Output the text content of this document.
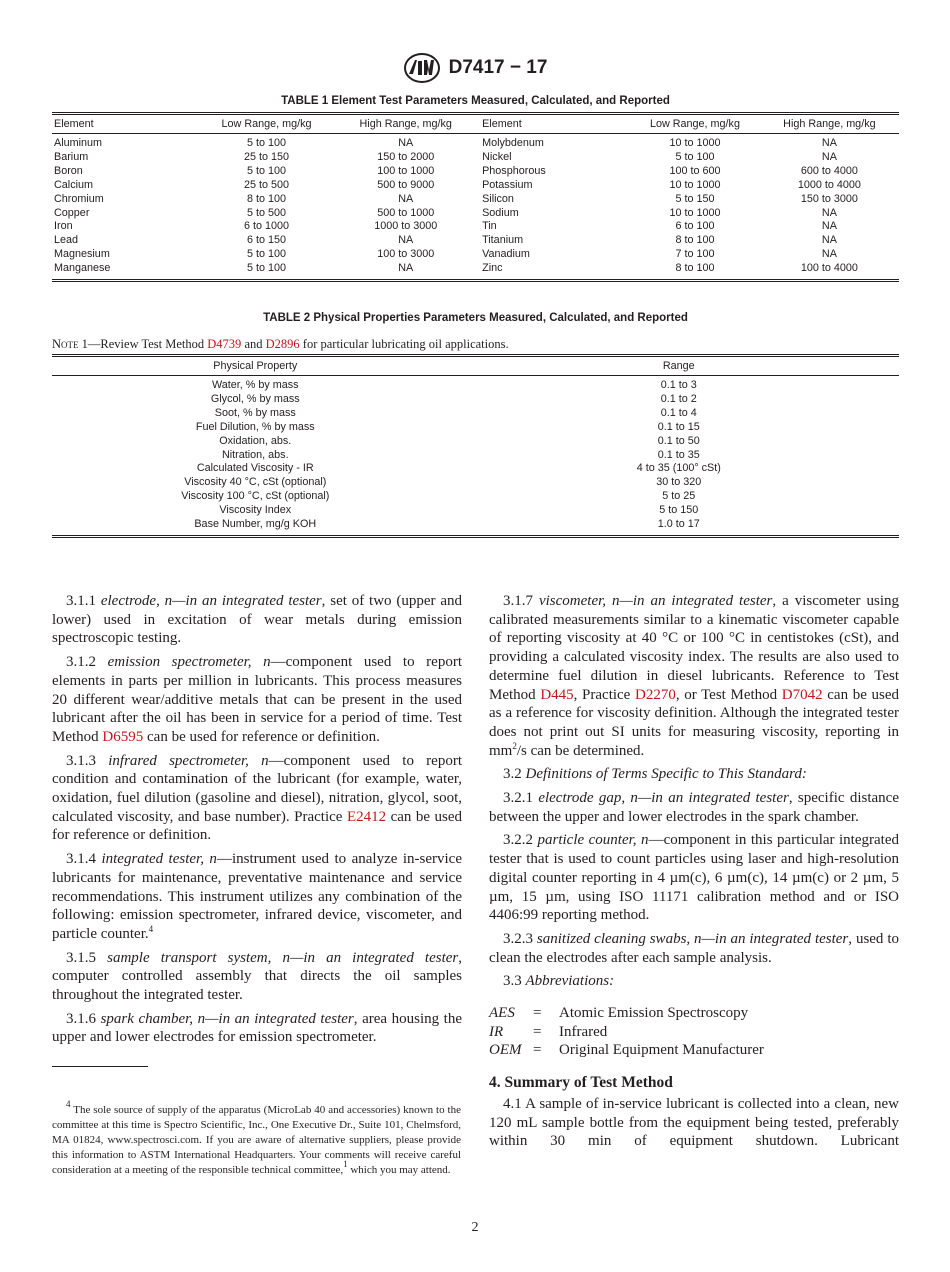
D7417 − 17
TABLE 1 Element Test Parameters Measured, Calculated, and Reported
Element	Low Range, mg/kg	High Range, mg/kg	Element	Low Range, mg/kg	High Range, mg/kg
Aluminum	5 to 100	NA	Molybdenum	10 to 1000	NA
Barium	25 to 150	150 to 2000	Nickel	5 to 100	NA
Boron	5 to 100	100 to 1000	Phosphorous	100 to 600	600 to 4000
Calcium	25 to 500	500 to 9000	Potassium	10 to 1000	1000 to 4000
Chromium	8 to 100	NA	Silicon	5 to 150	150 to 3000
Copper	5 to 500	500 to 1000	Sodium	10 to 1000	NA
Iron	6 to 1000	1000 to 3000	Tin	6 to 100	NA
Lead	6 to 150	NA	Titanium	8 to 100	NA
Magnesium	5 to 100	100 to 3000	Vanadium	7 to 100	NA
Manganese	5 to 100	NA	Zinc	8 to 100	100 to 4000
TABLE 2 Physical Properties Parameters Measured, Calculated, and Reported
Note 1—Review Test Method D4739 and D2896 for particular lubricating oil applications.
Physical Property	Range
Water, % by mass	0.1 to 3
Glycol, % by mass	0.1 to 2
Soot, % by mass	0.1 to 4
Fuel Dilution, % by mass	0.1 to 15
Oxidation, abs.	0.1 to 50
Nitration, abs.	0.1 to 35
Calculated Viscosity - IR	4 to 35 (100° cSt)
Viscosity 40 °C, cSt (optional)	30 to 320
Viscosity 100 °C, cSt (optional)	5 to 25
Viscosity Index	5 to 150
Base Number, mg/g KOH	1.0 to 17

3.1.1 electrode, n—in an integrated tester, set of two (upper and lower) used in excitation of wear metals during emission spectroscopic testing.

3.1.2 emission spectrometer, n—component used to report elements in parts per million in lubricants. This process measures 20 different wear/additive metals that can be present in the used lubricant after the oil has been in service for a period of time. Test Method D6595 can be used for reference or definition.

3.1.3 infrared spectrometer, n—component used to report condition and contamination of the lubricant (for example, water, oxidation, fuel dilution (gasoline and diesel), nitration, glycol, soot, calculated viscosity, and base number). Practice E2412 can be used for reference or definition.

3.1.4 integrated tester, n—instrument used to analyze in-service lubricants for maintenance, preventative maintenance and service recommendations. This instrument utilizes any combination of the following: emission spectrometer, infrared device, viscometer, and particle counter.$^4$

3.1.5 sample transport system, n—in an integrated tester, computer controlled assembly that directs the oil samples throughout the integrated tester.

3.1.6 spark chamber, n—in an integrated tester, area housing the upper and lower electrodes for emission spectrometer.

3.1.7 viscometer, n—in an integrated tester, a viscometer using calibrated measurements similar to a kinematic viscometer capable of reporting viscosity at 40 °C or 100 °C in centistokes (cSt), and providing a calculated viscosity index. The results are also used to determine fuel dilution in diesel lubricants. Reference to Test Method D445, Practice D2270, or Test Method D7042 can be used as a reference for viscosity definition. Although the integrated tester does not print out SI units for measuring viscosity, reporting in $mm^2/s$ can be determined.

3.2 Definitions of Terms Specific to This Standard:

3.2.1 electrode gap, n—in an integrated tester, specific distance between the upper and lower electrodes in the spark chamber.

3.2.2 particle counter, n—component in this particular integrated tester that is used to count particles using laser and high-resolution digital counter reporting in 4 µm(c), 6 µm(c), 14 µm(c) or 2 µm, 5 µm, 15 µm, using ISO 11171 calibration method and or ISO 4406:99 reporting method.

3.2.3 sanitized cleaning swabs, n—in an integrated tester, used to clean the electrodes after each sample analysis.

3.3 Abbreviations:

AES	=	Atomic Emission Spectroscopy
IR	=	Infrared
OEM =	Original Equipment Manufacturer
4. Summary of Test Method

4.1 A sample of in-service lubricant is collected into a clean, new 120 mL sample bottle from the equipment being tested, preferably within 30 min of equipment shutdown. Lubricant

$^4$ The sole source of supply of the apparatus (MicroLab 40 and accessories) known to the committee at this time is Spectro Scientific, Inc., One Executive Dr., Suite 101, Chelmsford, MA 01824, www.spectrosci.com. If you are aware of alternative suppliers, please provide this information to ASTM International Headquarters. Your comments will receive careful consideration at a meeting of the responsible technical committee,$^1$ which you may attend.
2
